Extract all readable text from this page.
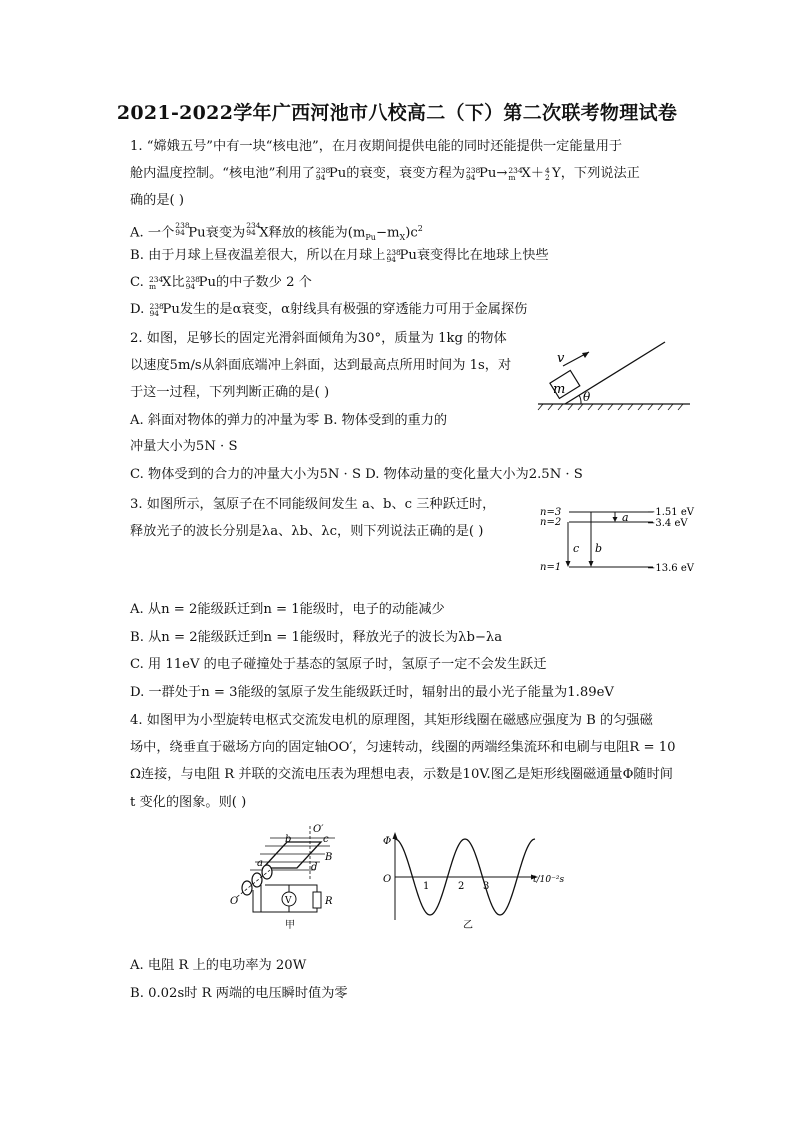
2021-2022学年广西河池市八校高二（下）第二次联考物理试卷
1. “嫦娥五号”中有一块“核电池”，在月夜期间提供电能的同时还能提供一定能量用于
舱内温度控制。“核电池”利用了 238
94 Pu的衰变，衰变方程为 238
94 Pu→ 234
m X＋ 4
2 Y，下列说法正
确的是( )
A. 一个 238
94 Pu衰变为 234
94 X释放的核能为$(m_{Pu}-m_X)c^2$
B. 由于月球上昼夜温差很大，所以在月球上 238
94 Pu衰变得比在地球上快些
C. 234
m X比 238
94 Pu的中子数少 2 个
D. 238
94 Pu发生的是α衰变，α射线具有极强的穿透能力可用于金属探伤
2. 如图，足够长的固定光滑斜面倾角为30°，质量为 1kg 的物体
以速度5m/s从斜面底端冲上斜面，达到最高点所用时间为 1s，对
于这一过程，下列判断正确的是( )
A. 斜面对物体的弹力的冲量为零 B. 物体受到的重力的
冲量大小为5N · S
C. 物体受到的合力的冲量大小为5N · S D. 物体动量的变化量大小为2.5N · S
m
v
θ
3. 如图所示，氢原子在不同能级间发生 a、b、c 三种跃迁时，
释放光子的波长分别是λa、λb、λc，则下列说法正确的是( )
n=3
n=2
n=1
−1.51 eV
−3.4 eV
−13.6 eV
c b
a
A. 从n = 2能级跃迁到n = 1能级时，电子的动能减少
B. 从n = 2能级跃迁到n = 1能级时，释放光子的波长为λb−λa
C. 用 11eV 的电子碰撞处于基态的氢原子时，氢原子一定不会发生跃迁
D. 一群处于n = 3能级的氢原子发生能级跃迁时，辐射出的最小光子能量为1.89eV
4. 如图甲为小型旋转电枢式交流发电机的原理图，其矩形线圈在磁感应强度为 B 的匀强磁
场中，绕垂直于磁场方向的固定轴OO′，匀速转动，线圈的两端经集流环和电刷与电阻R = 10
Ω连接，与电阻 R 并联的交流电压表为理想电表，示数是10V.图乙是矩形线圈磁通量Φ随时间
t 变化的图象。则( )
O′
a
b	c
d
B
O	R
V
甲
Φ
O
1	2 3
t/10⁻²s
乙
A. 电阻 R 上的电功率为 20W
B. 0.02s时 R 两端的电压瞬时值为零
